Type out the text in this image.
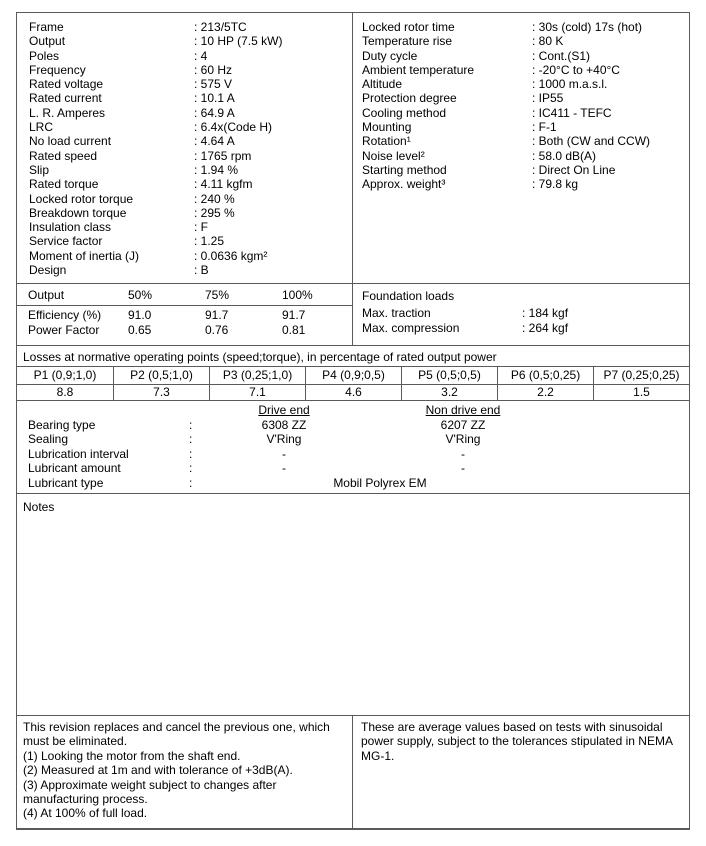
Frame	: 213/5TC
Output	: 10 HP (7.5 kW)
Poles	: 4
Frequency	: 60 Hz
Rated voltage	: 575 V
Rated current	: 10.1 A
L. R. Amperes	: 64.9 A
LRC	: 6.4x(Code H)
No load current	: 4.64 A
Rated speed	: 1765 rpm
Slip	: 1.94 %
Rated torque	: 4.11 kgfm
Locked rotor torque	: 240 %
Breakdown torque	: 295 %
Insulation class	: F
Service factor	: 1.25
Moment of inertia (J)	: 0.0636 kgm²
Design	: B
Locked rotor time	: 30s (cold) 17s (hot)
Temperature rise	: 80 K
Duty cycle	: Cont.(S1)
Ambient temperature	: -20°C to +40°C
Altitude	: 1000 m.a.s.l.
Protection degree	: IP55
Cooling method	: IC411 - TEFC
Mounting	: F-1
Rotation¹	: Both (CW and CCW)
Noise level²	: 58.0 dB(A)
Starting method	: Direct On Line
Approx. weight³	: 79.8 kg
Output	50%	75%	100%
Efficiency (%)	91.0	91.7	91.7
Power Factor	0.65	0.76	0.81
Foundation loads
Max. traction	: 184 kgf
Max. compression	: 264 kgf
Losses at normative operating points (speed;torque), in percentage of rated output power
P1 (0,9;1,0)	P2 (0,5;1,0)	P3 (0,25;1,0)	P4 (0,9;0,5)	P5 (0,5;0,5)	P6 (0,5;0,25)	P7 (0,25;0,25)
8.8	7.3	7.1	4.6	3.2	2.2	1.5
Drive end	Non drive end
Bearing type :	6308 ZZ	6207 ZZ
Sealing :	V'Ring	V'Ring
Lubrication interval :	-	-
Lubricant amount :	-	-
Lubricant type :	Mobil Polyrex EM
Notes
This revision replaces and cancel the previous one, which must be eliminated.
(1) Looking the motor from the shaft end.
(2) Measured at 1m and with tolerance of +3dB(A).
(3) Approximate weight subject to changes after manufacturing process.
(4) At 100% of full load.
These are average values based on tests with sinusoidal power supply, subject to the tolerances stipulated in NEMA MG-1.
